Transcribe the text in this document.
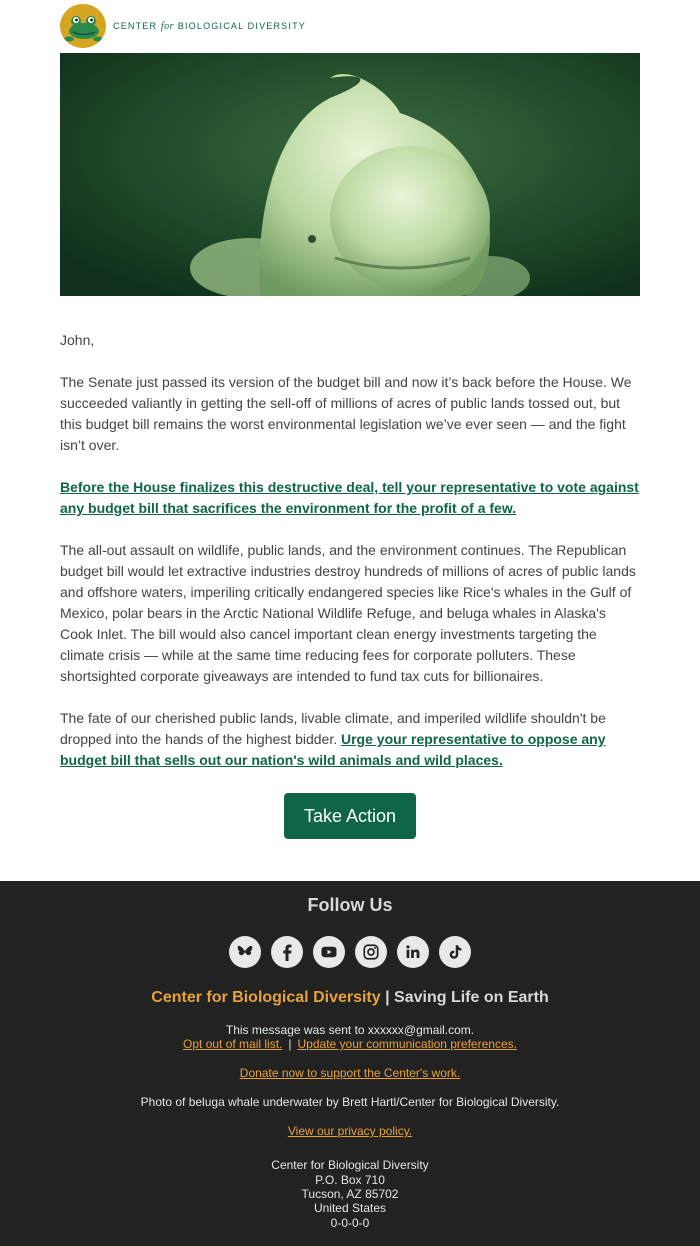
CENTER for BIOLOGICAL DIVERSITY

John,

The Senate just passed its version of the budget bill and now it’s back before the House. We succeeded valiantly in getting the sell-off of millions of acres of public lands tossed out, but this budget bill remains the worst environmental legislation we’ve ever seen — and the fight isn’t over.

Before the House finalizes this destructive deal, tell your representative to vote against any budget bill that sacrifices the environment for the profit of a few.

The all-out assault on wildlife, public lands, and the environment continues. The Republican budget bill would let extractive industries destroy hundreds of millions of acres of public lands and offshore waters, imperiling critically endangered species like Rice's whales in the Gulf of Mexico, polar bears in the Arctic National Wildlife Refuge, and beluga whales in Alaska's Cook Inlet. The bill would also cancel important clean energy investments targeting the climate crisis — while at the same time reducing fees for corporate polluters. These shortsighted corporate giveaways are intended to fund tax cuts for billionaires.

The fate of our cherished public lands, livable climate, and imperiled wildlife shouldn't be dropped into the hands of the highest bidder. Urge your representative to oppose any budget bill that sells out our nation's wild animals and wild places.

Take Action
Follow Us
Center for Biological Diversity | Saving Life on Earth
This message was sent to xxxxxx@gmail.com.
Opt out of mail list. | Update your communication preferences.
Donate now to support the Center's work.
Photo of beluga whale underwater by Brett Hartl/Center for Biological Diversity.
View our privacy policy.
Center for Biological Diversity
P.O. Box 710
Tucson, AZ 85702
United States
0-0-0-0
